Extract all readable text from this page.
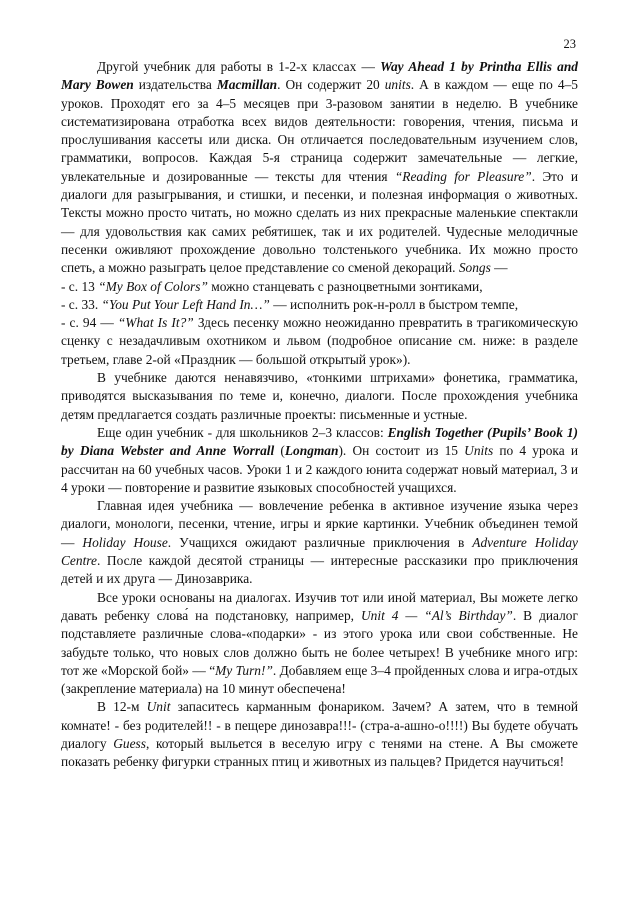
23

Другой учебник для работы в 1-2-х классах — Way Ahead 1 by Printha Ellis and Mary Bowen издательства Macmillan. Он содержит 20 units. А в каждом — еще по 4–5 уроков. Проходят его за 4–5 месяцев при 3-разовом занятии в неделю. В учебнике систематизирована отработка всех видов деятельности: говорения, чтения, письма и прослушивания кассеты или диска. Он отличается последовательным изучением слов, грамматики, вопросов. Каждая 5-я страница содержит замечательные — легкие, увлекательные и дозированные — тексты для чтения “Reading for Pleasure”. Это и диалоги для разыгрывания, и стишки, и песенки, и полезная информация о животных. Тексты можно просто читать, но можно сделать из них прекрасные маленькие спектакли — для удовольствия как самих ребятишек, так и их родителей. Чудесные мелодичные песенки оживляют прохождение довольно толстенького учебника. Их можно просто спеть, а можно разыграть целое представление со сменой декораций. Songs —

- с. 13 “My Box of Colors” можно станцевать с разноцветными зонтиками,

- с. 33. “You Put Your Left Hand In…” — исполнить рок-н-ролл в быстром темпе,

- с. 94 — “What Is It?” Здесь песенку можно неожиданно превратить в трагикомическую сценку с незадачливым охотником и львом (подробное описание см. ниже: в разделе третьем, главе 2-ой «Праздник — большой открытый урок»).

В учебнике даются ненавязчиво, «тонкими штрихами» фонетика, грамматика, приводятся высказывания по теме и, конечно, диалоги. После прохождения учебника детям предлагается создать различные проекты: письменные и устные.

Еще один учебник - для школьников 2–3 классов: English Together (Pupils’ Book 1) by Diana Webster and Anne Worrall (Longman). Он состоит из 15 Units по 4 урока и рассчитан на 60 учебных часов. Уроки 1 и 2 каждого юнита содержат новый материал, 3 и 4 уроки — повторение и развитие языковых способностей учащихся.

Главная идея учебника — вовлечение ребенка в активное изучение языка через диалоги, монологи, песенки, чтение, игры и яркие картинки. Учебник объединен темой — Holiday House. Учащихся ожидают различные приключения в Adventure Holiday Centre. После каждой десятой страницы — интересные рассказики про приключения детей и их друга — Динозаврика.

Все уроки основаны на диалогах. Изучив тот или иной материал, Вы можете легко давать ребенку слова́ на подстановку, например, Unit 4 — “Al’s Birthday”. В диалог подставляете различные слова-«подарки» - из этого урока или свои собственные. Не забудьте только, что новых слов должно быть не более четырех! В учебнике много игр: тот же «Морской бой» — “My Turn!”. Добавляем еще 3–4 пройденных слова и игра-отдых (закрепление материала) на 10 минут обеспечена!

В 12-м Unit запаситесь карманным фонариком. Зачем? А затем, что в темной комнате! - без родителей!! - в пещере динозавра!!!- (стра-а-ашно-о!!!!) Вы будете обучать диалогу Guess, который выльется в веселую игру с тенями на стене. А Вы сможете показать ребенку фигурки странных птиц и животных из пальцев? Придется научиться!
